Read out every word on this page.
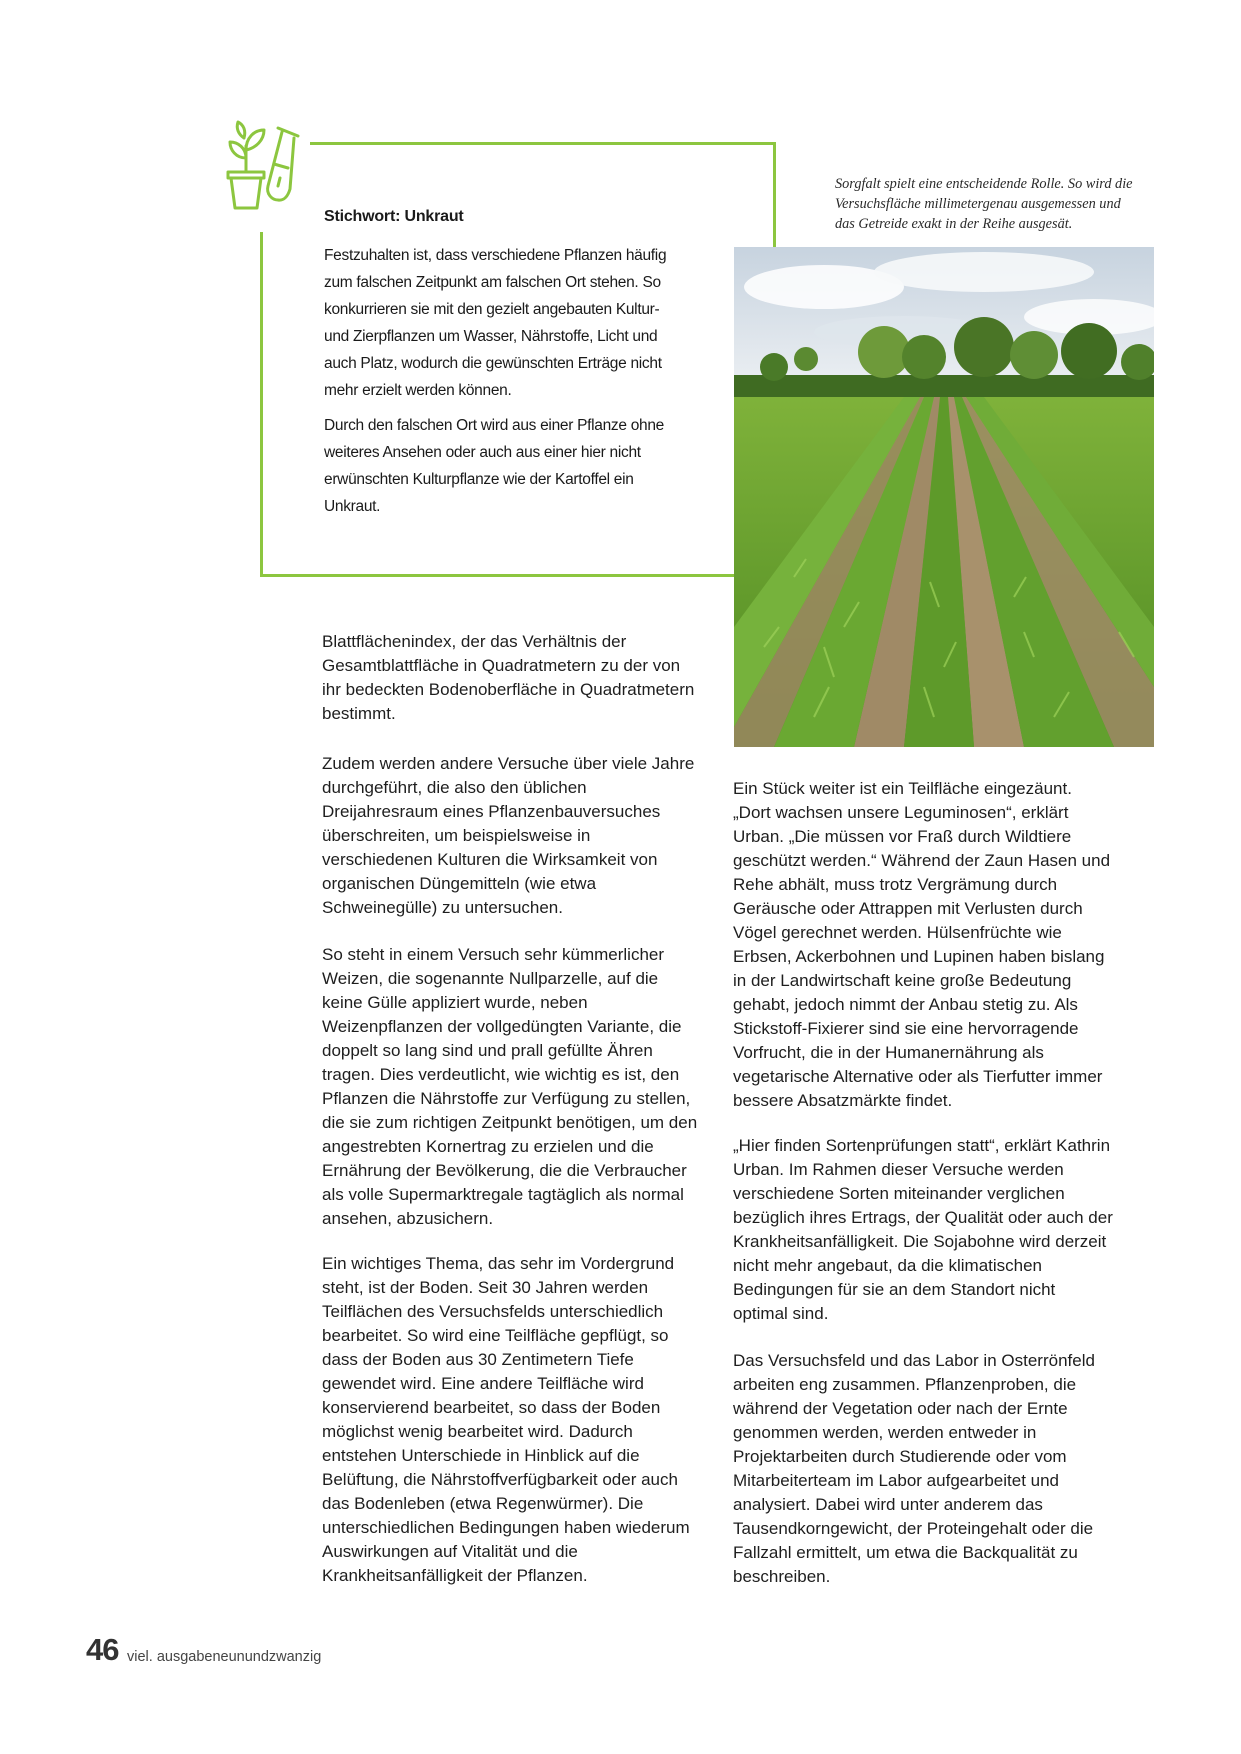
Stichwort: Unkraut

Festzuhalten ist, dass verschiedene Pflanzen häufig zum falschen Zeitpunkt am falschen Ort stehen. So konkurrieren sie mit den gezielt angebauten Kultur- und Zierpflanzen um Wasser, Nährstoffe, Licht und auch Platz, wodurch die gewünschten Erträge nicht mehr erzielt werden können.

Durch den falschen Ort wird aus einer Pflanze ohne weiteres Ansehen oder auch aus einer hier nicht erwünschten Kulturpflanze wie der Kartoffel ein Unkraut.

Sorgfalt spielt eine entscheidende Rolle. So wird die Versuchsfläche millimetergenau ausgemessen und das Getreide exakt in der Reihe ausgesät.

Blattflächenindex, der das Verhältnis der Gesamtblattfläche in Quadratmetern zu der von ihr bedeckten Bodenoberfläche in Quadratmetern bestimmt.

Zudem werden andere Versuche über viele Jahre durchgeführt, die also den üblichen Dreijahresraum eines Pflanzenbauversuches überschreiten, um beispielsweise in verschiedenen Kulturen die Wirksamkeit von organischen Düngemitteln (wie etwa Schweinegülle) zu untersuchen.

So steht in einem Versuch sehr kümmerlicher Weizen, die sogenannte Nullparzelle, auf die keine Gülle appliziert wurde, neben Weizenpflanzen der vollgedüngten Variante, die doppelt so lang sind und prall gefüllte Ähren tragen. Dies verdeutlicht, wie wichtig es ist, den Pflanzen die Nährstoffe zur Verfügung zu stellen, die sie zum richtigen Zeitpunkt benötigen, um den angestrebten Kornertrag zu erzielen und die Ernährung der Bevölkerung, die die Verbraucher als volle Supermarktregale tagtäglich als normal ansehen, abzusichern.

Ein wichtiges Thema, das sehr im Vordergrund steht, ist der Boden. Seit 30 Jahren werden Teilflächen des Versuchsfelds unterschiedlich bearbeitet. So wird eine Teilfläche gepflügt, so dass der Boden aus 30 Zentimetern Tiefe gewendet wird. Eine andere Teilfläche wird konservierend bearbeitet, so dass der Boden möglichst wenig bearbeitet wird. Dadurch entstehen Unterschiede in Hinblick auf die Belüftung, die Nährstoffverfügbarkeit oder auch das Bodenleben (etwa Regenwürmer). Die unterschiedlichen Bedingungen haben wiederum Auswirkungen auf Vitalität und die Krankheitsanfälligkeit der Pflanzen.

Ein Stück weiter ist ein Teilfläche eingezäunt. „Dort wachsen unsere Leguminosen“, erklärt Urban. „Die müssen vor Fraß durch Wildtiere geschützt werden.“ Während der Zaun Hasen und Rehe abhält, muss trotz Vergrämung durch Geräusche oder Attrappen mit Verlusten durch Vögel gerechnet werden. Hülsenfrüchte wie Erbsen, Ackerbohnen und Lupinen haben bislang in der Landwirtschaft keine große Bedeutung gehabt, jedoch nimmt der Anbau stetig zu. Als Stickstoff-Fixierer sind sie eine hervorragende Vorfrucht, die in der Humanernährung als vegetarische Alternative oder als Tierfutter immer bessere Absatzmärkte findet.

„Hier finden Sortenprüfungen statt“, erklärt Kathrin Urban. Im Rahmen dieser Versuche werden verschiedene Sorten miteinander verglichen bezüglich ihres Ertrags, der Qualität oder auch der Krankheitsanfälligkeit. Die Sojabohne wird derzeit nicht mehr angebaut, da die klimatischen Bedingungen für sie an dem Standort nicht optimal sind.

Das Versuchsfeld und das Labor in Osterrönfeld arbeiten eng zusammen. Pflanzenproben, die während der Vegetation oder nach der Ernte genommen werden, werden entweder in Projektarbeiten durch Studierende oder vom Mitarbeiterteam im Labor aufgearbeitet und analysiert. Dabei wird unter anderem das Tausendkorngewicht, der Proteingehalt oder die Fallzahl ermittelt, um etwa die Backqualität zu beschreiben.

46 viel. ausgabeneunundzwanzig
